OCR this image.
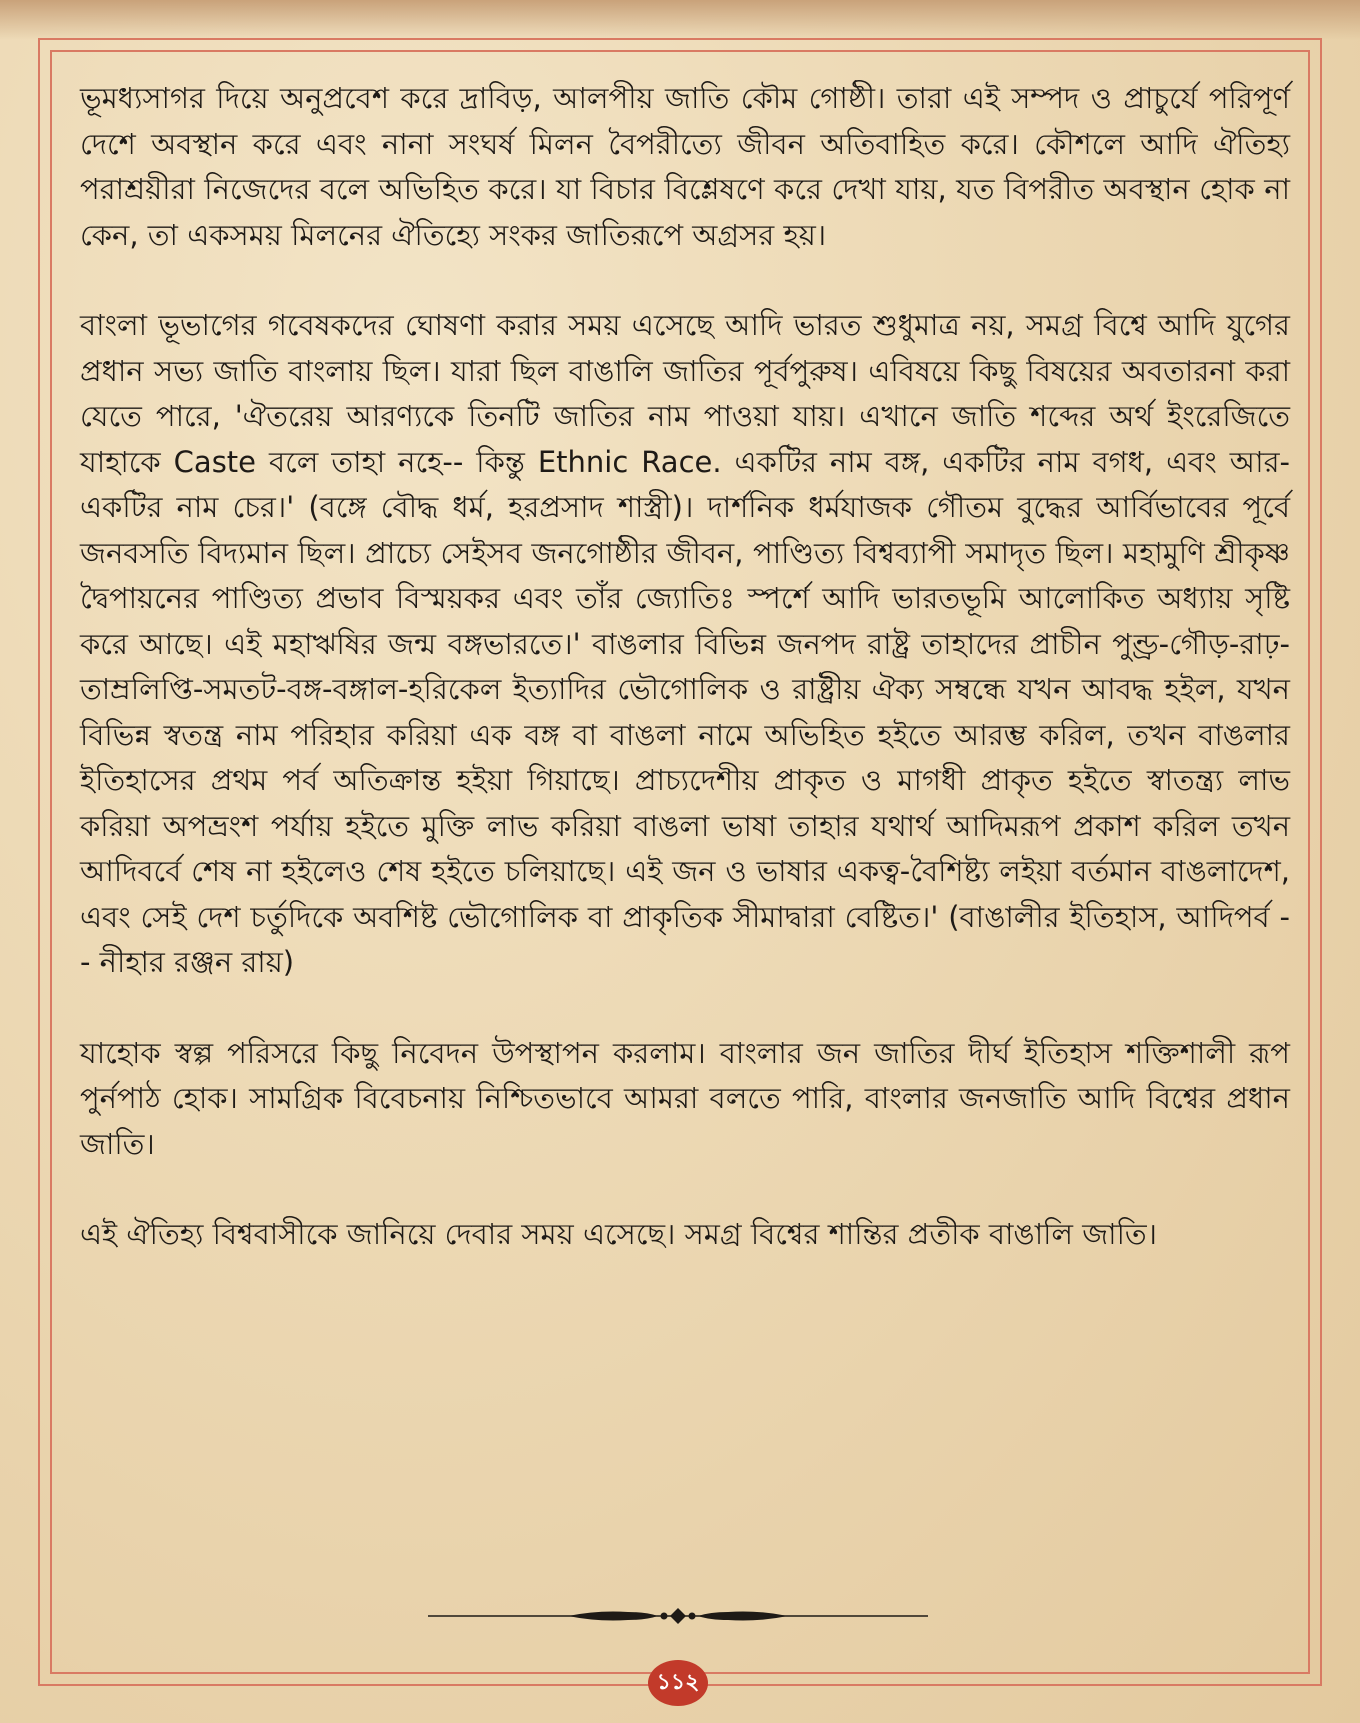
ভূমধ্যসাগর দিয়ে অনুপ্রবেশ করে দ্রাবিড়, আলপীয় জাতি কৌম গোষ্ঠী। তারা এই সম্পদ ও প্রাচুর্যে পরিপূর্ণ দেশে অবস্থান করে এবং নানা সংঘর্ষ মিলন বৈপরীত্যে জীবন অতিবাহিত করে। কৌশলে আদি ঐতিহ্য পরাশ্রয়ীরা নিজেদের বলে অভিহিত করে। যা বিচার বিশ্লেষণে করে দেখা যায়, যত বিপরীত অবস্থান হোক না কেন, তা একসময় মিলনের ঐতিহ্যে সংকর জাতিরূপে অগ্রসর হয়।

বাংলা ভূভাগের গবেষকদের ঘোষণা করার সময় এসেছে আদি ভারত শুধুমাত্র নয়, সমগ্র বিশ্বে আদি যুগের প্রধান সভ্য জাতি বাংলায় ছিল। যারা ছিল বাঙালি জাতির পূর্বপুরুষ। এবিষয়ে কিছু বিষয়ের অবতারনা করা যেতে পারে, 'ঐতরেয় আরণ্যকে তিনটি জাতির নাম পাওয়া যায়। এখানে জাতি শব্দের অর্থ ইংরেজিতে যাহাকে Caste বলে তাহা নহে-- কিন্তু Ethnic Race. একটির নাম বঙ্গ, একটির নাম বগধ, এবং আর-একটির নাম চের।' (বঙ্গে বৌদ্ধ ধর্ম, হরপ্রসাদ শাস্ত্রী)। দার্শনিক ধর্মযাজক গৌতম বুদ্ধের আর্বিভাবের পূর্বে জনবসতি বিদ্যমান ছিল। প্রাচ্যে সেইসব জনগোষ্ঠীর জীবন, পাণ্ডিত্য বিশ্বব্যাপী সমাদৃত ছিল। মহামুণি শ্রীকৃষ্ণ দ্বৈপায়নের পাণ্ডিত্য প্রভাব বিস্ময়কর এবং তাঁর জ্যোতিঃ স্পর্শে আদি ভারতভূমি আলোকিত অধ্যায় সৃষ্টি করে আছে। এই মহাঋষির জন্ম বঙ্গভারতে।' বাঙলার বিভিন্ন জনপদ রাষ্ট্র তাহাদের প্রাচীন পুণ্ড্র-গৌড়-রাঢ়-তাম্রলিপ্তি-সমতট-বঙ্গ-বঙ্গাল-হরিকেল ইত্যাদির ভৌগোলিক ও রাষ্ট্রীয় ঐক্য সম্বন্ধে যখন আবদ্ধ হইল, যখন বিভিন্ন স্বতন্ত্র নাম পরিহার করিয়া এক বঙ্গ বা বাঙলা নামে অভিহিত হইতে আরম্ভ করিল, তখন বাঙলার ইতিহাসের প্রথম পর্ব অতিক্রান্ত হইয়া গিয়াছে। প্রাচ্যদেশীয় প্রাকৃত ও মাগধী প্রাকৃত হইতে স্বাতন্ত্র্য লাভ করিয়া অপভ্রংশ পর্যায় হইতে মুক্তি লাভ করিয়া বাঙলা ভাষা তাহার যথার্থ আদিমরূপ প্রকাশ করিল তখন আদিবর্বে শেষ না হইলেও শেষ হইতে চলিয়াছে। এই জন ও ভাষার একত্ব-বৈশিষ্ট্য লইয়া বর্তমান বাঙলাদেশ, এবং সেই দেশ চর্তুদিকে অবশিষ্ট ভৌগোলিক বা প্রাকৃতিক সীমাদ্বারা বেষ্টিত।' (বাঙালীর ইতিহাস, আদিপর্ব -- নীহার রঞ্জন রায়)

যাহোক স্বল্প পরিসরে কিছু নিবেদন উপস্থাপন করলাম। বাংলার জন জাতির দীর্ঘ ইতিহাস শক্তিশালী রূপ পুর্নপাঠ হোক। সামগ্রিক বিবেচনায় নিশ্চিতভাবে আমরা বলতে পারি, বাংলার জনজাতি আদি বিশ্বের প্রধান জাতি।

এই ঐতিহ্য বিশ্ববাসীকে জানিয়ে দেবার সময় এসেছে। সমগ্র বিশ্বের শান্তির প্রতীক বাঙালি জাতি।

১১২
